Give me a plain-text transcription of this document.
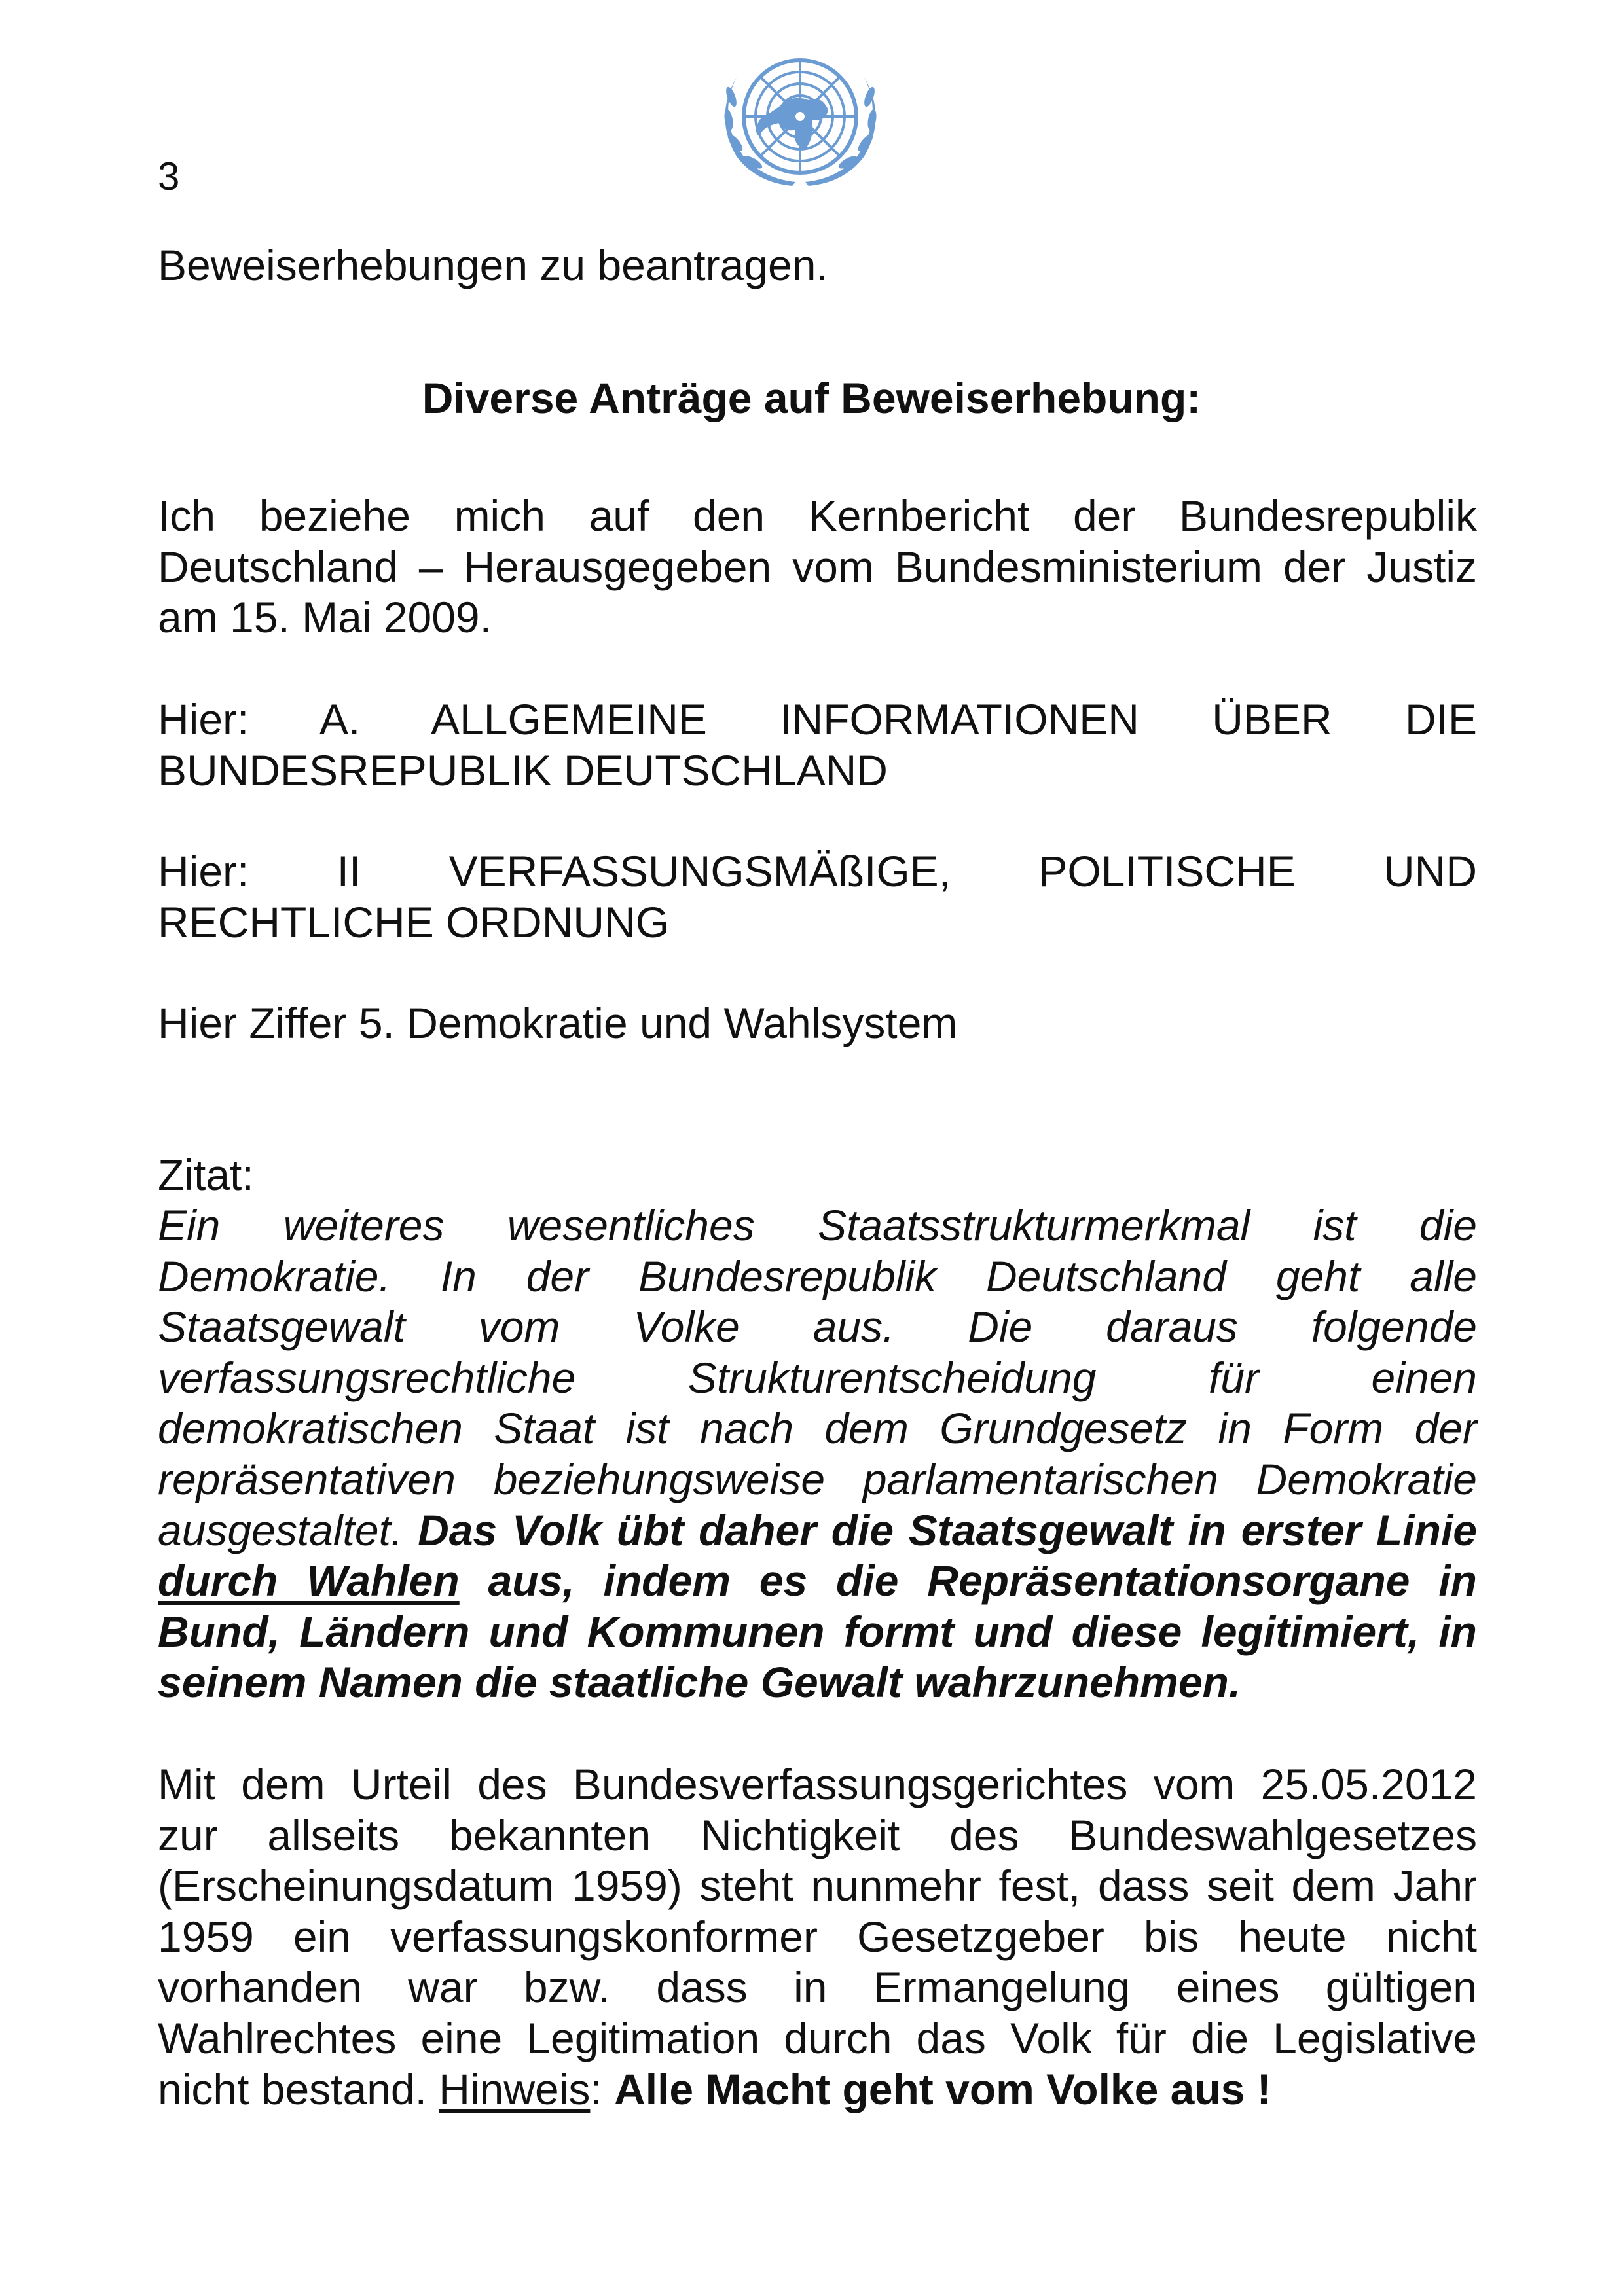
3
Beweiserhebungen zu beantragen.
Diverse Anträge auf Beweiserhebung:
Ich beziehe mich auf den Kernbericht der Bundesrepublik
Deutschland – Herausgegeben vom Bundesministerium der Justiz
am 15. Mai 2009.
Hier: A. ALLGEMEINE INFORMATIONEN ÜBER DIE
BUNDESREPUBLIK DEUTSCHLAND
Hier: II VERFASSUNGSMÄßIGE, POLITISCHE UND
RECHTLICHE ORDNUNG
Hier Ziffer 5. Demokratie und Wahlsystem
Zitat:
Ein weiteres wesentliches Staatsstrukturmerkmal ist die
Demokratie. In der Bundesrepublik Deutschland geht alle
Staatsgewalt vom Volke aus. Die daraus folgende
verfassungsrechtliche Strukturentscheidung für einen
demokratischen Staat ist nach dem Grundgesetz in Form der
repräsentativen beziehungsweise parlamentarischen Demokratie
ausgestaltet. Das Volk übt daher die Staatsgewalt in erster Linie
durch Wahlen aus, indem es die Repräsentationsorgane in
Bund, Ländern und Kommunen formt und diese legitimiert, in
seinem Namen die staatliche Gewalt wahrzunehmen.
Mit dem Urteil des Bundesverfassungsgerichtes vom 25.05.2012
zur allseits bekannten Nichtigkeit des Bundeswahlgesetzes
(Erscheinungsdatum 1959) steht nunmehr fest, dass seit dem Jahr
1959 ein verfassungskonformer Gesetzgeber bis heute nicht
vorhanden war bzw. dass in Ermangelung eines gültigen
Wahlrechtes eine Legitimation durch das Volk für die Legislative
nicht bestand. Hinweis: Alle Macht geht vom Volke aus !
